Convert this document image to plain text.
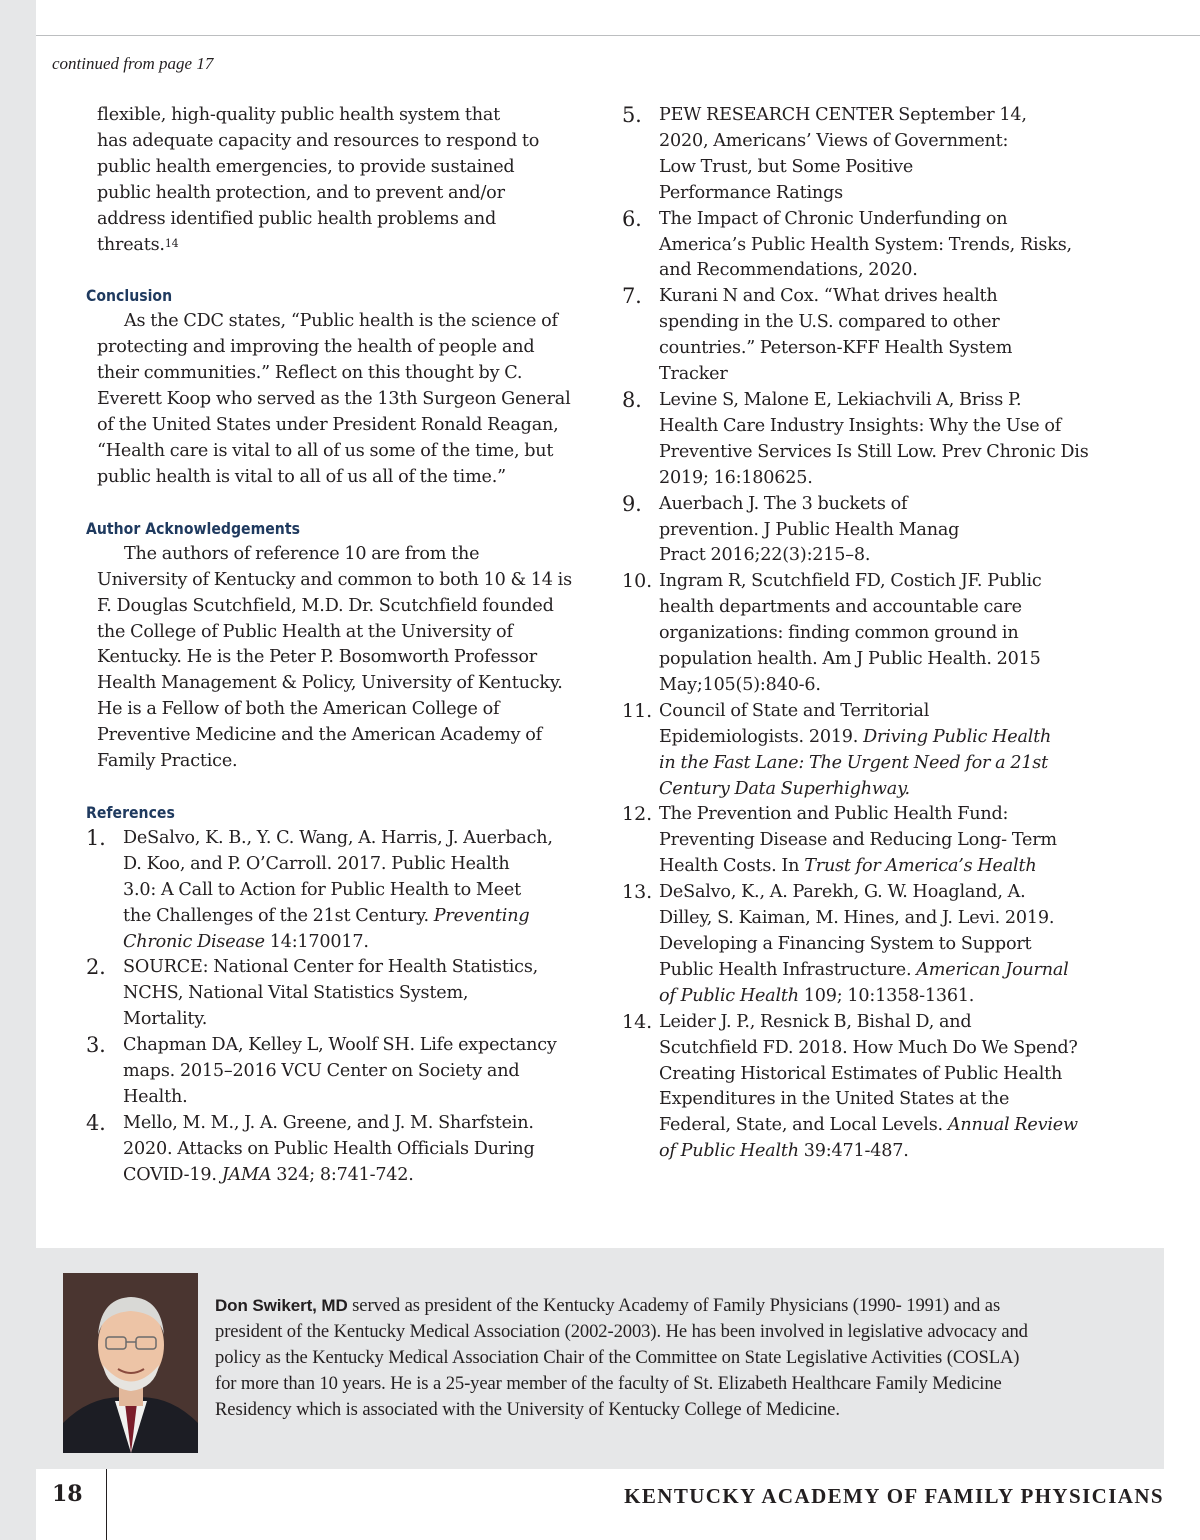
continued from page 17

flexible, high-quality public health system that
has adequate capacity and resources to respond to
public health emergencies, to provide sustained
public health protection, and to prevent and/or
address identified public health problems and
threats.$^{14}$

Conclusion

As the CDC states, “Public health is the science of
protecting and improving the health of people and
their communities.” Reflect on this thought by C.
Everett Koop who served as the 13th Surgeon General
of the United States under President Ronald Reagan,
“Health care is vital to all of us some of the time, but
public health is vital to all of us all of the time.”

Author Acknowledgements

The authors of reference 10 are from the
University of Kentucky and common to both 10 & 14 is
F. Douglas Scutchfield, M.D. Dr. Scutchfield founded
the College of Public Health at the University of
Kentucky. He is the Peter P. Bosomworth Professor
Health Management & Policy, University of Kentucky.
He is a Fellow of both the American College of
Preventive Medicine and the American Academy of
Family Practice.

References
1. DeSalvo, K. B., Y. C. Wang, A. Harris, J. Auerbach,
D. Koo, and P. O’Carroll. 2017. Public Health
3.0: A Call to Action for Public Health to Meet
the Challenges of the 21st Century. Preventing
Chronic Disease 14:170017.
2. SOURCE: National Center for Health Statistics,
NCHS, National Vital Statistics System,
Mortality.
3. Chapman DA, Kelley L, Woolf SH. Life expectancy
maps. 2015–2016 VCU Center on Society and
Health.
4. Mello, M. M., J. A. Greene, and J. M. Sharfstein.
2020. Attacks on Public Health Officials During
COVID-19. JAMA 324; 8:741-742.
5. PEW RESEARCH CENTER September 14,
2020, Americans’ Views of Government:
Low Trust, but Some Positive
Performance Ratings
6. The Impact of Chronic Underfunding on
America’s Public Health System: Trends, Risks,
and Recommendations, 2020.
7. Kurani N and Cox. “What drives health
spending in the U.S. compared to other
countries.” Peterson-KFF Health System
Tracker
8. Levine S, Malone E, Lekiachvili A, Briss P.
Health Care Industry Insights: Why the Use of
Preventive Services Is Still Low. Prev Chronic Dis
2019; 16:180625.
9. Auerbach J. The 3 buckets of
prevention. J Public Health Manag
Pract 2016;22(3):215–8.
10. Ingram R, Scutchfield FD, Costich JF. Public
health departments and accountable care
organizations: finding common ground in
population health. Am J Public Health. 2015
May;105(5):840-6.
11. Council of State and Territorial
Epidemiologists. 2019. Driving Public Health
in the Fast Lane: The Urgent Need for a 21st
Century Data Superhighway.
12. The Prevention and Public Health Fund:
Preventing Disease and Reducing Long- Term
Health Costs. In Trust for America’s Health
13. DeSalvo, K., A. Parekh, G. W. Hoagland, A.
Dilley, S. Kaiman, M. Hines, and J. Levi. 2019.
Developing a Financing System to Support
Public Health Infrastructure. American Journal
of Public Health 109; 10:1358-1361.
14. Leider J. P., Resnick B, Bishal D, and
Scutchfield FD. 2018. How Much Do We Spend?
Creating Historical Estimates of Public Health
Expenditures in the United States at the
Federal, State, and Local Levels. Annual Review
of Public Health 39:471-487.
Don Swikert, MD served as president of the Kentucky Academy of Family Physicians (1990- 1991) and as
president of the Kentucky Medical Association (2002-2003). He has been involved in legislative advocacy and
policy as the Kentucky Medical Association Chair of the Committee on State Legislative Activities (COSLA)
for more than 10 years. He is a 25-year member of the faculty of St. Elizabeth Healthcare Family Medicine
Residency which is associated with the University of Kentucky College of Medicine.
18	KENTUCKY ACADEMY OF FAMILY PHYSICIANS
